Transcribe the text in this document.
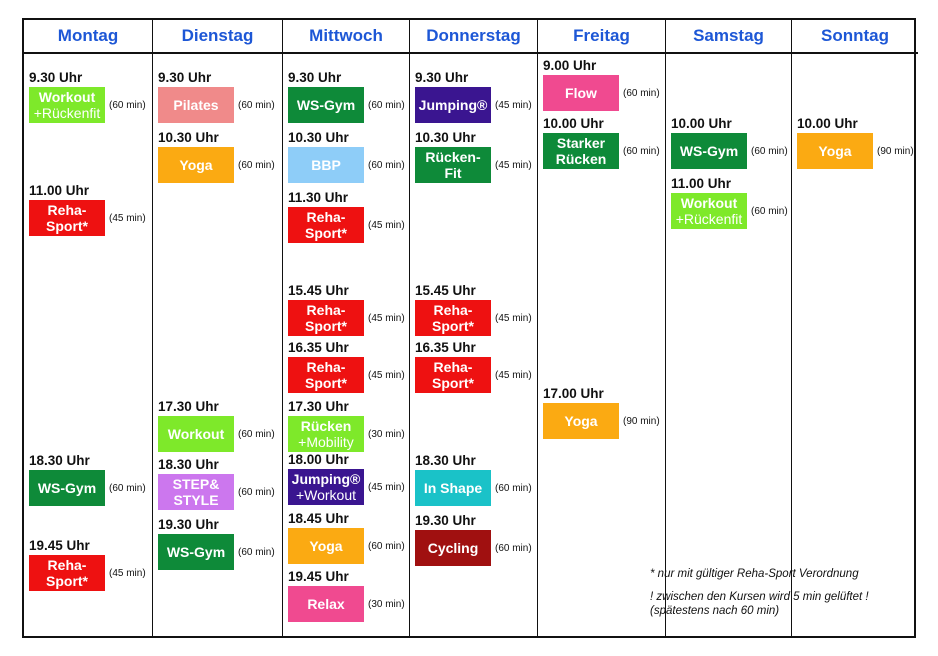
Montag
9.30 Uhr
Workout
+Rückenfit (60 min)
11.00 Uhr
Reha-
Sport* (45 min)
18.30 Uhr
WS-Gym (60 min)
19.45 Uhr
Reha-
Sport* (45 min)
Dienstag
9.30 Uhr
Pilates (60 min)
10.30 Uhr
Yoga	(60 min)
17.30 Uhr
Workout (60 min)
18.30 Uhr
STEP&
STYLE (60 min)
19.30 Uhr
WS-Gym (60 min)
Mittwoch
9.30 Uhr
WS-Gym (60 min)
10.30 Uhr
BBP	(60 min)
11.30 Uhr
Reha-
Sport* (45 min)
15.45 Uhr
Reha-
Sport* (45 min)
16.35 Uhr
Reha-
Sport* (45 min)
17.30 Uhr
Rücken
+Mobility (30 min)
18.00 Uhr
Jumping®
+Workout	(45 min)
18.45 Uhr
Yoga	(60 min)
19.45 Uhr
Relax (30 min)
Donnerstag
9.30 Uhr
Jumping® (45 min)
10.30 Uhr
Rücken-
Fit	(45 min)
15.45 Uhr
Reha-
Sport* (45 min)
16.35 Uhr
Reha-
Sport* (45 min)
18.30 Uhr
In Shape (60 min)
19.30 Uhr
Cycling (60 min)
Freitag
9.00 Uhr
Flow	(60 min)
10.00 Uhr
Starker
Rücken (60 min)
17.00 Uhr
Yoga	(90 min)
Samstag
10.00 Uhr
WS-Gym (60 min)
11.00 Uhr
Workout
+Rückenfit (60 min)
Sonntag
10.00 Uhr
Yoga	(90 min)
* nur mit gültiger Reha-Sport Verordnung
! zwischen den Kursen wird 5 min gelüftet !
(spätestens nach 60 min)
